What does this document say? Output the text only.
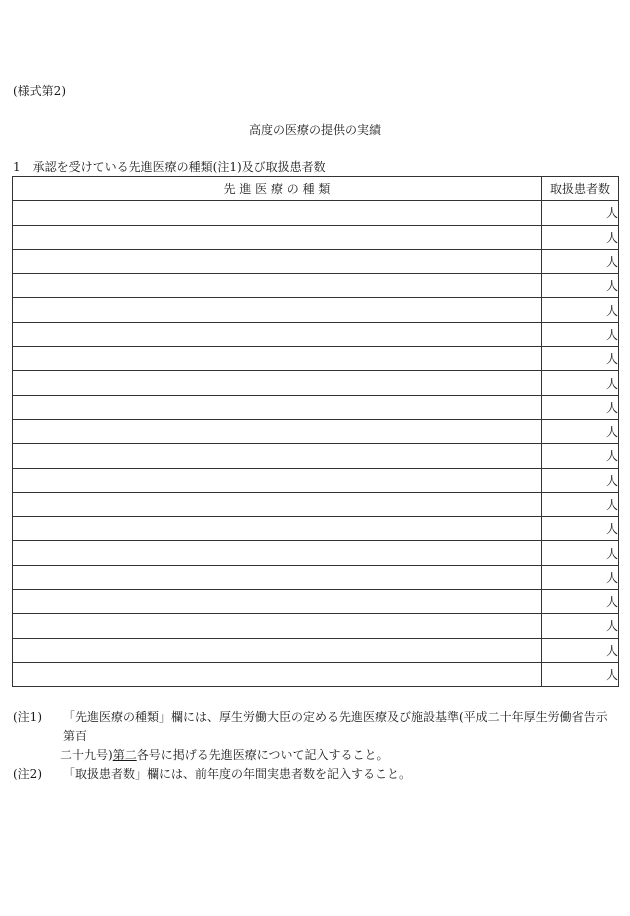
(様式第2)
高度の医療の提供の実績
1　承認を受けている先進医療の種類(注1)及び取扱患者数
先 進 医 療 の 種 類	取扱患者数
	人
	人
	人
	人
	人
	人
	人
	人
	人
	人
	人
	人
	人
	人
	人
	人
	人
	人
	人
	人
(注1)	「先進医療の種類」欄には、厚生労働大臣の定める先進医療及び施設基準(平成二十年厚生労働省告示第百
二十九号)第二各号に掲げる先進医療について記入すること。
(注2)	「取扱患者数」欄には、前年度の年間実患者数を記入すること。
